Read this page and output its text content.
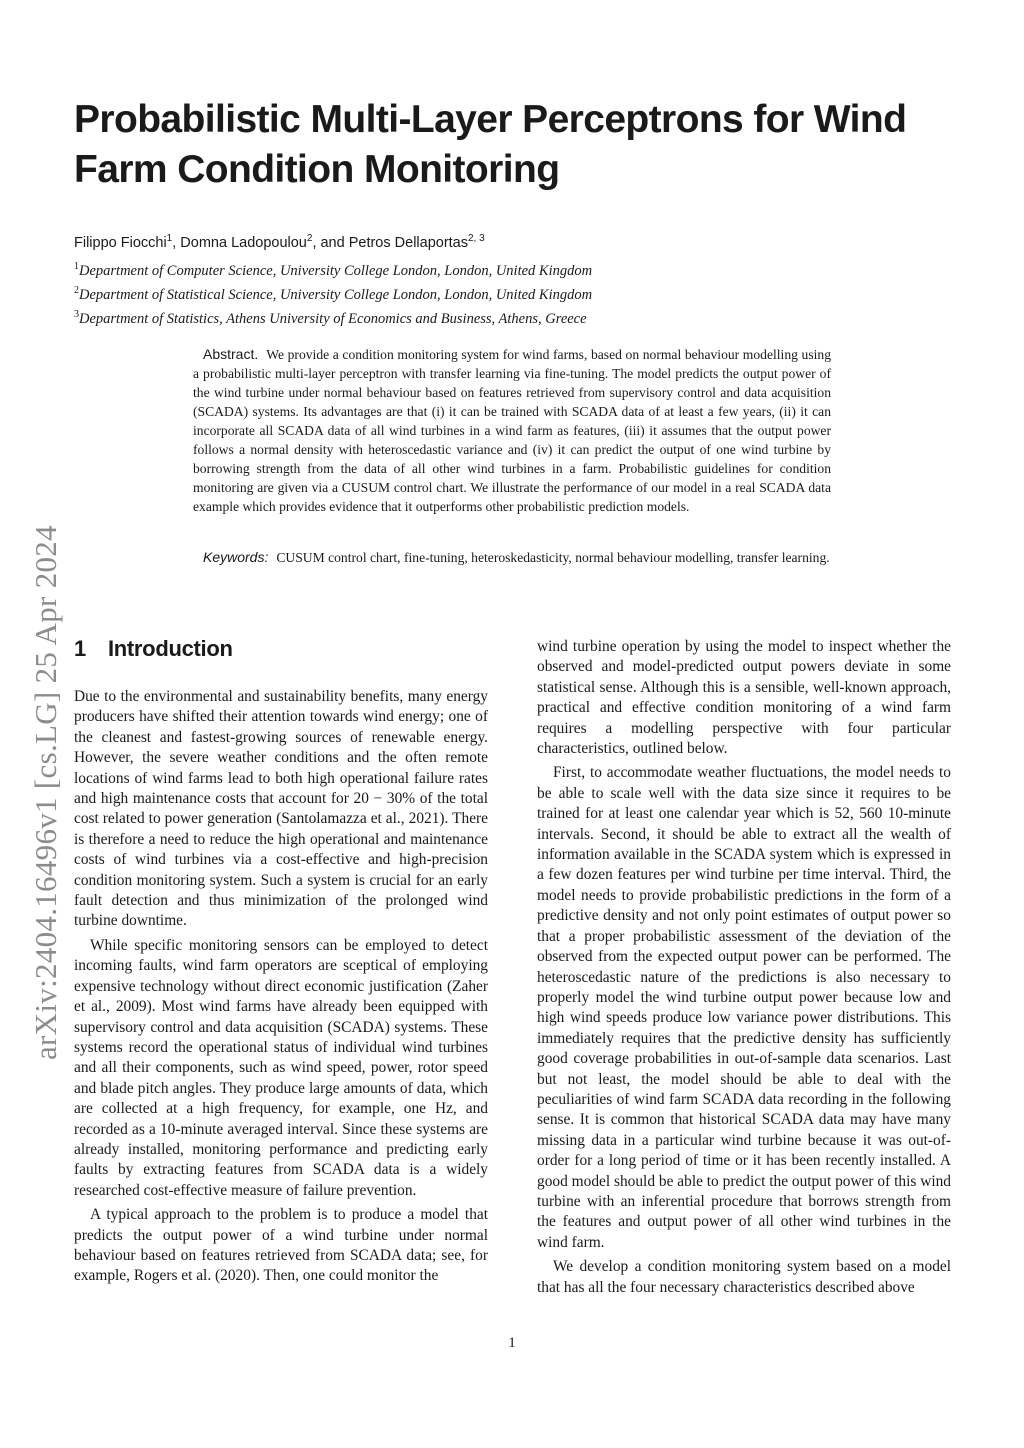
Probabilistic Multi-Layer Perceptrons for Wind Farm Condition Monitoring
Filippo Fiocchi$^1$, Domna Ladopoulou$^2$, and Petros Dellaportas$^{2, 3}$
$^1$Department of Computer Science, University College London, London, United Kingdom
$^2$Department of Statistical Science, University College London, London, United Kingdom
$^3$Department of Statistics, Athens University of Economics and Business, Athens, Greece
arXiv:2404.16496v1 [cs.LG] 25 Apr 2024
Abstract. We provide a condition monitoring system for wind farms, based on normal behaviour modelling using a probabilistic multi-layer perceptron with transfer learning via fine-tuning. The model predicts the output power of the wind turbine under normal behaviour based on features retrieved from supervisory control and data acquisition (SCADA) systems. Its advantages are that (i) it can be trained with SCADA data of at least a few years, (ii) it can incorporate all SCADA data of all wind turbines in a wind farm as features, (iii) it assumes that the output power follows a normal density with heteroscedastic variance and (iv) it can predict the output of one wind turbine by borrowing strength from the data of all other wind turbines in a farm. Probabilistic guidelines for condition monitoring are given via a CUSUM control chart. We illustrate the performance of our model in a real SCADA data example which provides evidence that it outperforms other probabilistic prediction models.
Keywords: CUSUM control chart, fine-tuning, heteroskedasticity, normal behaviour modelling, transfer learning.
1 Introduction

Due to the environmental and sustainability benefits, many energy producers have shifted their attention towards wind energy; one of the cleanest and fastest-growing sources of renewable energy. However, the severe weather conditions and the often remote locations of wind farms lead to both high operational failure rates and high maintenance costs that account for 20 − 30% of the total cost related to power generation (Santolamazza et al., 2021). There is therefore a need to reduce the high operational and maintenance costs of wind turbines via a cost-effective and high-precision condition monitoring system. Such a system is crucial for an early fault detection and thus minimization of the prolonged wind turbine downtime.

While specific monitoring sensors can be employed to detect incoming faults, wind farm operators are sceptical of employing expensive technology without direct economic justification (Zaher et al., 2009). Most wind farms have already been equipped with supervisory control and data acquisition (SCADA) systems. These systems record the operational status of individual wind turbines and all their components, such as wind speed, power, rotor speed and blade pitch angles. They produce large amounts of data, which are collected at a high frequency, for example, one Hz, and recorded as a 10-minute averaged interval. Since these systems are already installed, monitoring performance and predicting early faults by extracting features from SCADA data is a widely researched cost-effective measure of failure prevention.

A typical approach to the problem is to produce a model that predicts the output power of a wind turbine under normal behaviour based on features retrieved from SCADA data; see, for example, Rogers et al. (2020). Then, one could monitor the

wind turbine operation by using the model to inspect whether the observed and model-predicted output powers deviate in some statistical sense. Although this is a sensible, well-known approach, practical and effective condition monitoring of a wind farm requires a modelling perspective with four particular characteristics, outlined below.

First, to accommodate weather fluctuations, the model needs to be able to scale well with the data size since it requires to be trained for at least one calendar year which is 52, 560 10-minute intervals. Second, it should be able to extract all the wealth of information available in the SCADA system which is expressed in a few dozen features per wind turbine per time interval. Third, the model needs to provide probabilistic predictions in the form of a predictive density and not only point estimates of output power so that a proper probabilistic assessment of the deviation of the observed from the expected output power can be performed. The heteroscedastic nature of the predictions is also necessary to properly model the wind turbine output power because low and high wind speeds produce low variance power distributions. This immediately requires that the predictive density has sufficiently good coverage probabilities in out-of-sample data scenarios. Last but not least, the model should be able to deal with the peculiarities of wind farm SCADA data recording in the following sense. It is common that historical SCADA data may have many missing data in a particular wind turbine because it was out-of-order for a long period of time or it has been recently installed. A good model should be able to predict the output power of this wind turbine with an inferential procedure that borrows strength from the features and output power of all other wind turbines in the wind farm.

We develop a condition monitoring system based on a model that has all the four necessary characteristics described above

1
